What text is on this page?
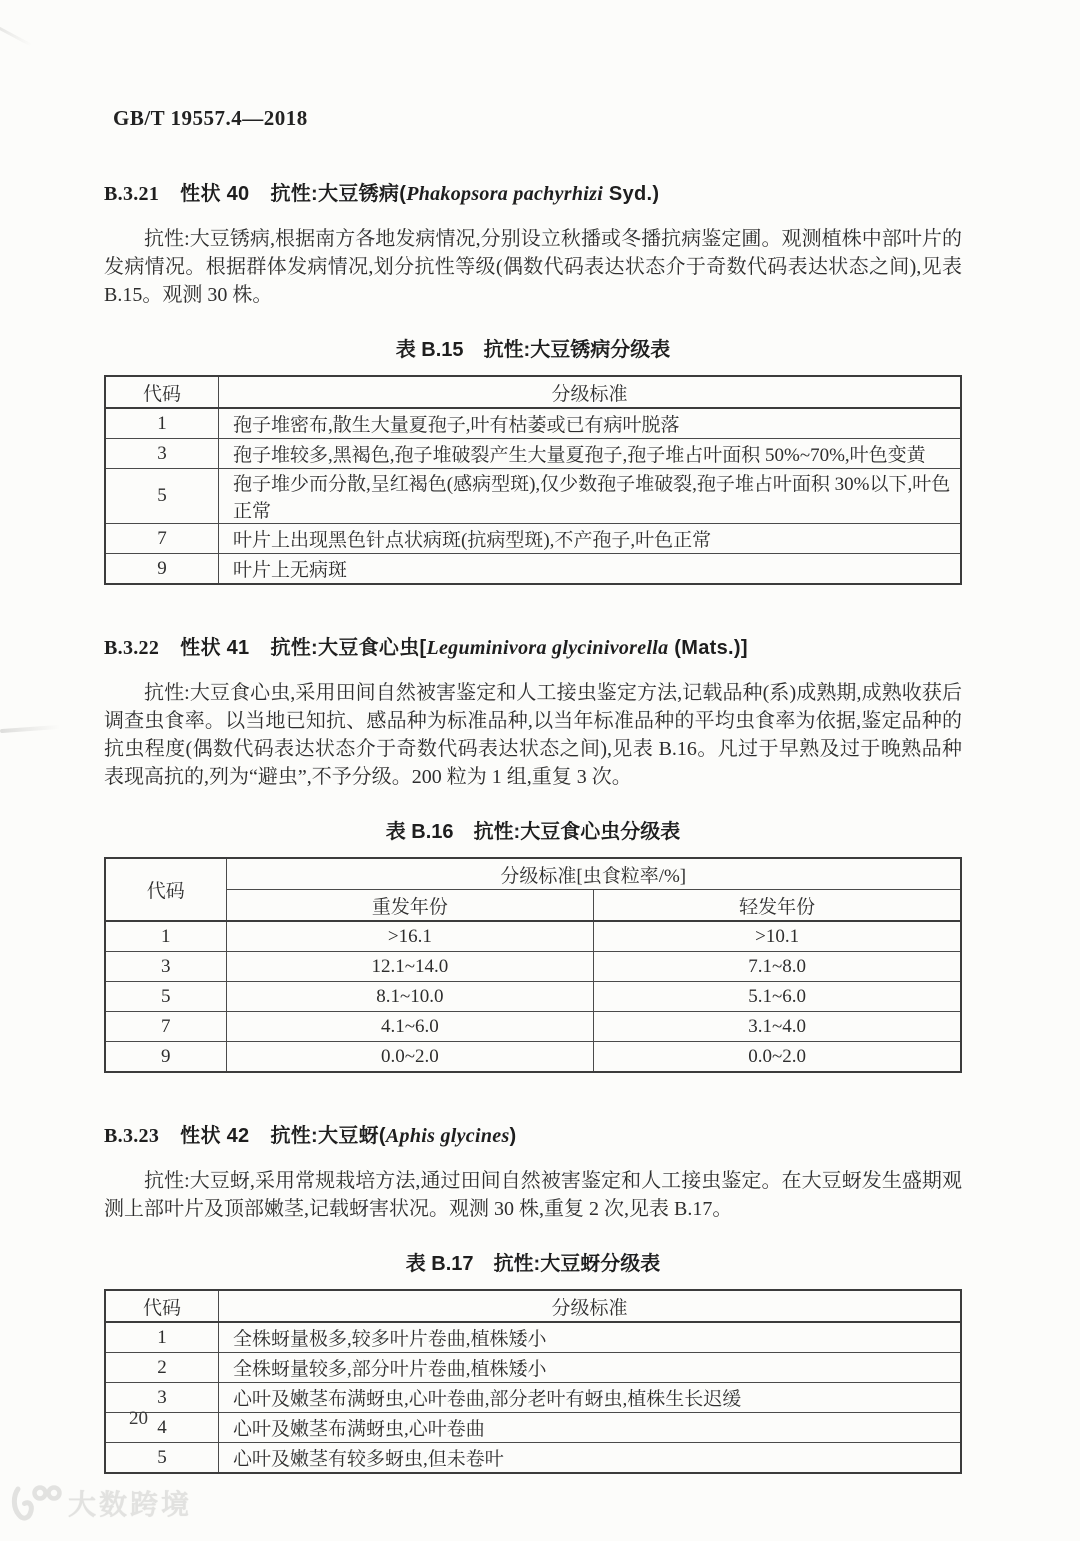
GB/T 19557.4—2018
B.3.21 性状 40 抗性:大豆锈病(Phakopsora pachyrhizi Syd.)

抗性:大豆锈病,根据南方各地发病情况,分别设立秋播或冬播抗病鉴定圃。观测植株中部叶片的发病情况。根据群体发病情况,划分抗性等级(偶数代码表达状态介于奇数代码表达状态之间),见表 B.15。观测 30 株。

表 B.15 抗性:大豆锈病分级表
代码	分级标准
1	孢子堆密布,散生大量夏孢子,叶有枯萎或已有病叶脱落
3	孢子堆较多,黑褐色,孢子堆破裂产生大量夏孢子,孢子堆占叶面积 50%~70%,叶色变黄
5	孢子堆少而分散,呈红褐色(感病型斑),仅少数孢子堆破裂,孢子堆占叶面积 30%以下,叶色正常
7	叶片上出现黑色针点状病斑(抗病型斑),不产孢子,叶色正常
9	叶片上无病斑
B.3.22 性状 41 抗性:大豆食心虫[Leguminivora glycinivorella (Mats.)]

抗性:大豆食心虫,采用田间自然被害鉴定和人工接虫鉴定方法,记载品种(系)成熟期,成熟收获后调查虫食率。以当地已知抗、感品种为标准品种,以当年标准品种的平均虫食率为依据,鉴定品种的抗虫程度(偶数代码表达状态介于奇数代码表达状态之间),见表 B.16。凡过于早熟及过于晚熟品种表现高抗的,列为“避虫”,不予分级。200 粒为 1 组,重复 3 次。

表 B.16 抗性:大豆食心虫分级表
代码	分级标准[虫食粒率/%]	
	重发年份	轻发年份
1	>16.1	>10.1
3	12.1~14.0	7.1~8.0
5	8.1~10.0	5.1~6.0
7	4.1~6.0	3.1~4.0
9	0.0~2.0	0.0~2.0
B.3.23 性状 42 抗性:大豆蚜(Aphis glycines)

抗性:大豆蚜,采用常规栽培方法,通过田间自然被害鉴定和人工接虫鉴定。在大豆蚜发生盛期观测上部叶片及顶部嫩茎,记载蚜害状况。观测 30 株,重复 2 次,见表 B.17。

表 B.17 抗性:大豆蚜分级表
代码	分级标准
1	全株蚜量极多,较多叶片卷曲,植株矮小
2	全株蚜量较多,部分叶片卷曲,植株矮小
3	心叶及嫩茎布满蚜虫,心叶卷曲,部分老叶有蚜虫,植株生长迟缓
4	心叶及嫩茎布满蚜虫,心叶卷曲
5	心叶及嫩茎有较多蚜虫,但未卷叶
20
大数跨境
